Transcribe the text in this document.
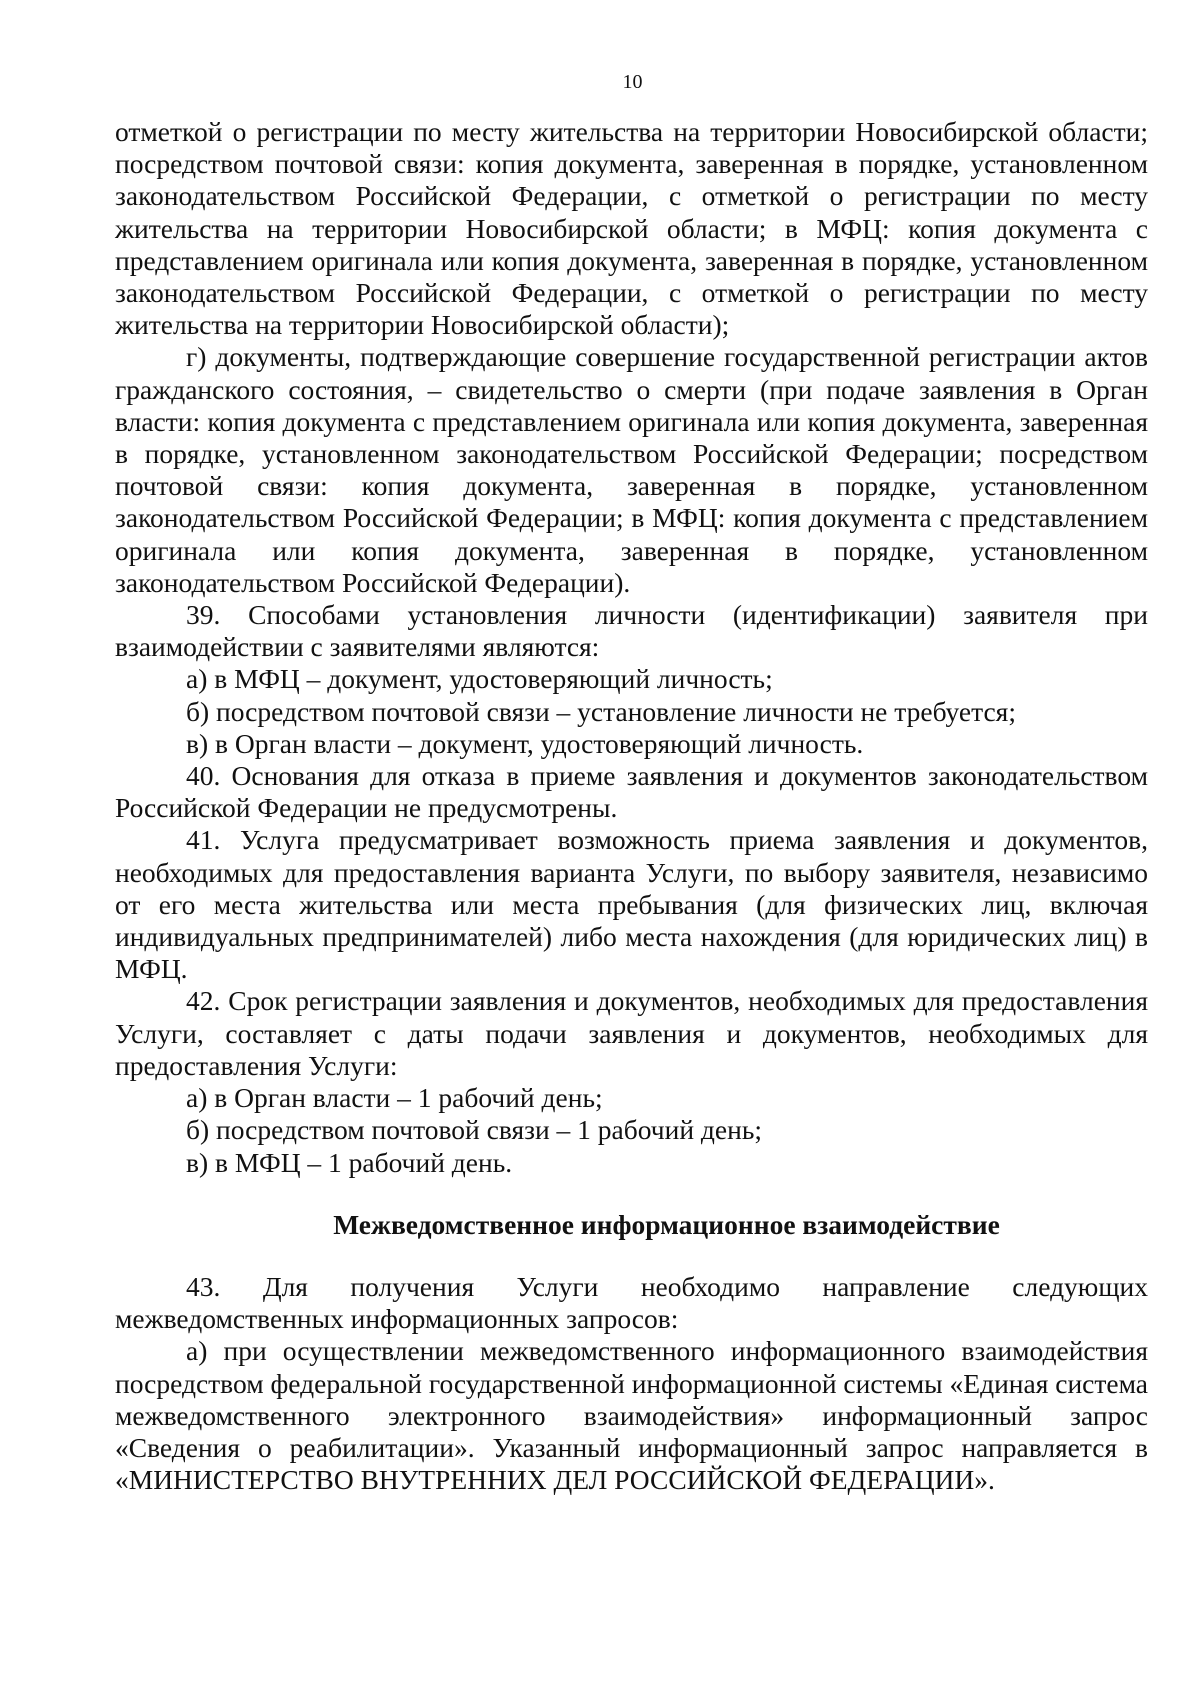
10

отметкой о регистрации по месту жительства на территории Новосибирской области; посредством почтовой связи: копия документа, заверенная в порядке, установленном законодательством Российской Федерации, с отметкой о регистрации по месту жительства на территории Новосибирской области; в МФЦ: копия документа с представлением оригинала или копия документа, заверенная в порядке, установленном законодательством Российской Федерации, с отметкой о регистрации по месту жительства на территории Новосибирской области);

г) документы, подтверждающие совершение государственной регистрации актов гражданского состояния, – свидетельство о смерти (при подаче заявления в Орган власти: копия документа с представлением оригинала или копия документа, заверенная в порядке, установленном законодательством Российской Федерации; посредством почтовой связи: копия документа, заверенная в порядке, установленном законодательством Российской Федерации; в МФЦ: копия документа с представлением оригинала или копия документа, заверенная в порядке, установленном законодательством Российской Федерации).

39. Способами установления личности (идентификации) заявителя при взаимодействии с заявителями являются:

а) в МФЦ – документ, удостоверяющий личность;

б) посредством почтовой связи – установление личности не требуется;

в) в Орган власти – документ, удостоверяющий личность.

40. Основания для отказа в приеме заявления и документов законодательством Российской Федерации не предусмотрены.

41. Услуга предусматривает возможность приема заявления и документов, необходимых для предоставления варианта Услуги, по выбору заявителя, независимо от его места жительства или места пребывания (для физических лиц, включая индивидуальных предпринимателей) либо места нахождения (для юридических лиц) в МФЦ.

42. Срок регистрации заявления и документов, необходимых для предоставления Услуги, составляет с даты подачи заявления и документов, необходимых для предоставления Услуги:

а) в Орган власти – 1 рабочий день;

б) посредством почтовой связи – 1 рабочий день;

в) в МФЦ – 1 рабочий день.

Межведомственное информационное взаимодействие

43. Для получения Услуги необходимо направление следующих межведомственных информационных запросов:

а) при осуществлении межведомственного информационного взаимодействия посредством федеральной государственной информационной системы «Единая система межведомственного электронного взаимодействия» информационный запрос «Сведения о реабилитации». Указанный информационный запрос направляется в «МИНИСТЕРСТВО ВНУТРЕННИХ ДЕЛ РОССИЙСКОЙ ФЕДЕРАЦИИ».
